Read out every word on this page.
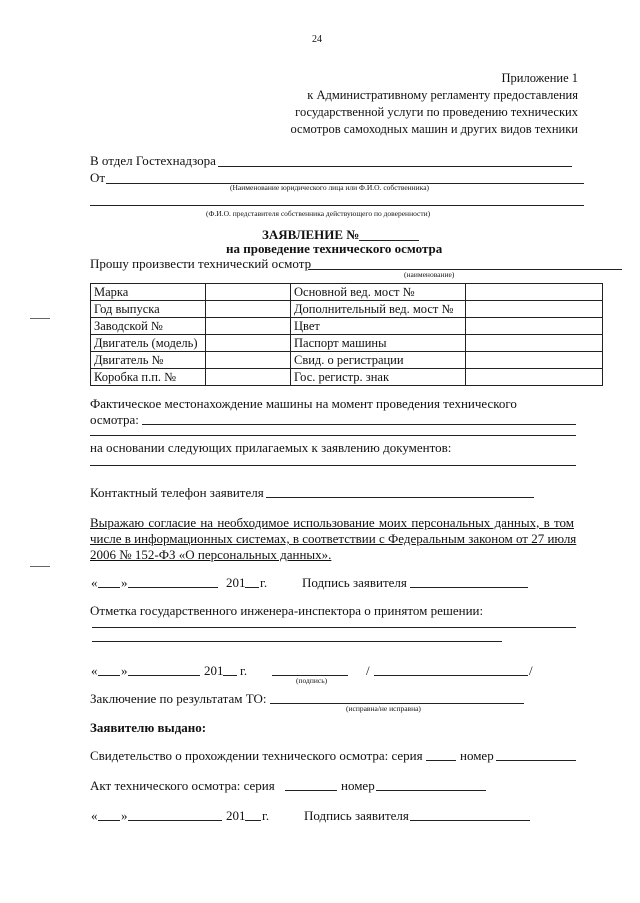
24
Приложение 1
к Административному регламенту предоставления
государственной услуги по проведению технических
осмотров самоходных машин и других видов техники
В отдел Гостехнадзора
От
(Наименование юридического лица или Ф.И.О. собственника)
(Ф.И.О. представителя собственника действующего по доверенности)
ЗАЯВЛЕНИЕ №
на проведение технического осмотра
Прошу произвести технический осмотр
(наименование)
Марка		Основной вед. мост №	
Год выпуска		Дополнительный вед. мост №	
Заводской №		Цвет	
Двигатель (модель)		Паспорт машины	
Двигатель №		Свид. о регистрации	
Коробка п.п. №		Гос. регистр. знак	
Фактическое местонахождение машины на момент проведения технического
осмотра:
на основании следующих прилагаемых к заявлению документов:
Контактный телефон заявителя
Выражаю согласие на необходимое использование моих персональных данных, в том
числе в информационных системах, в соответствии с Федеральным законом от 27 июля
2006 № 152-ФЗ «О персональных данных».
« »	201 г.	Подпись заявителя
Отметка государственного инженера-инспектора о принятом решении:
« »	201 г.
(подпись)
/	/
Заключение по результатам ТО:
(исправна/не исправна)
Заявителю выдано:
Свидетельство о прохождении технического осмотра: серия	номер
Акт технического осмотра: серия	номер
« »	201 г.	Подпись заявителя
